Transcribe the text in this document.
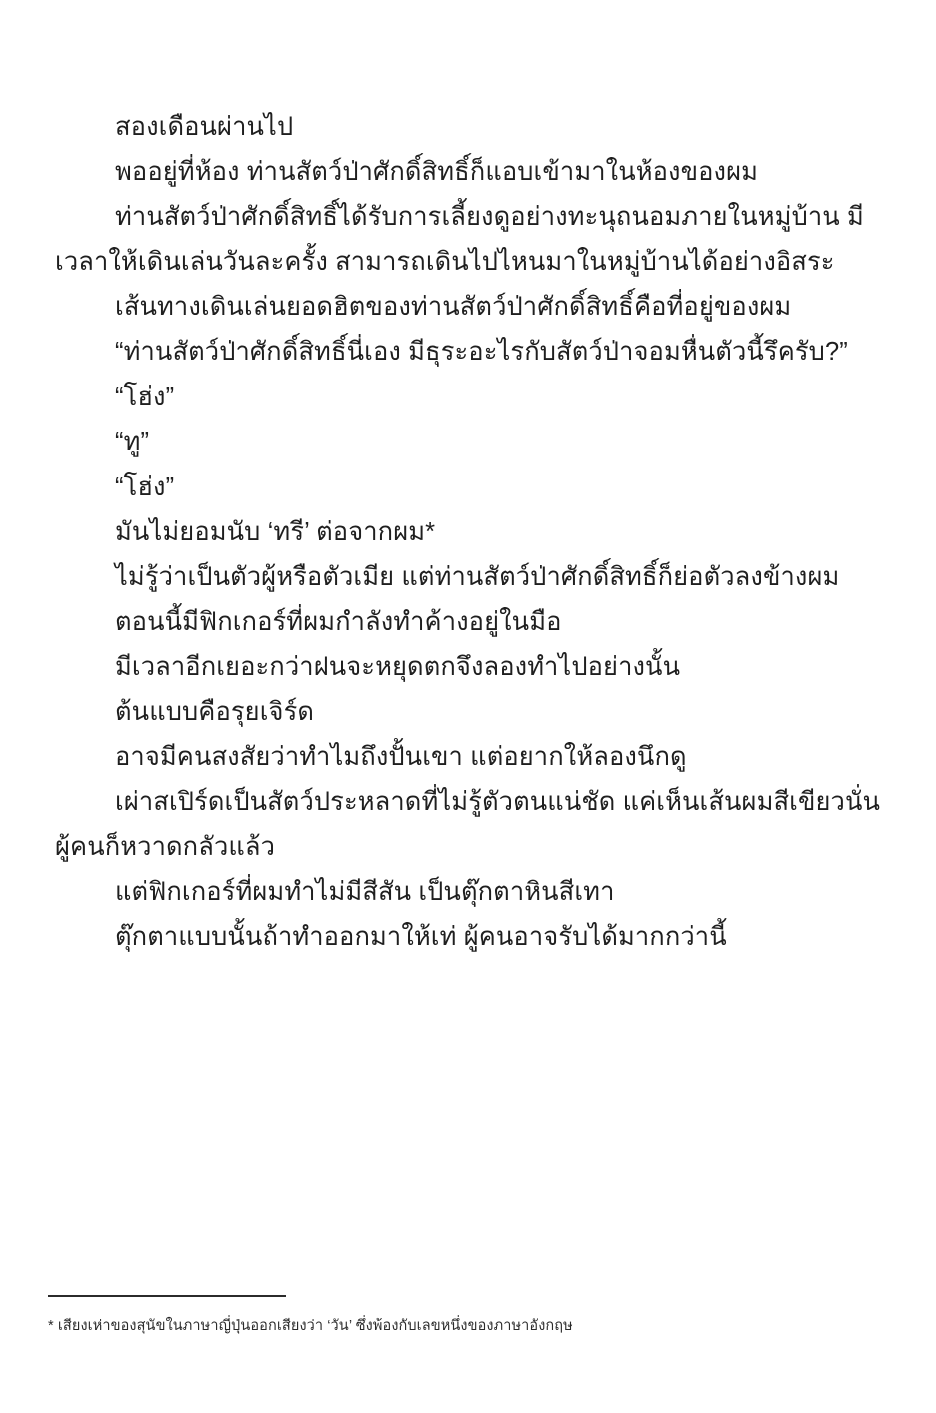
สองเดือนผ่านไป

พออยู่ที่ห้อง ท่านสัตว์ป่าศักดิ์สิทธิ์ก็แอบเข้ามาในห้องของผม

ท่านสัตว์ป่าศักดิ์สิทธิ์ได้รับการเลี้ยงดูอย่างทะนุถนอมภายในหมู่บ้าน มีเวลาให้เดินเล่นวันละครั้ง สามารถเดินไปไหนมาในหมู่บ้านได้อย่างอิสระ

เส้นทางเดินเล่นยอดฮิตของท่านสัตว์ป่าศักดิ์สิทธิ์คือที่อยู่ของผม

“ท่านสัตว์ป่าศักดิ์สิทธิ์นี่เอง มีธุระอะไรกับสัตว์ป่าจอมหื่นตัวนี้รึครับ?”

“โฮ่ง”

“ทู”

“โฮ่ง”

มันไม่ยอมนับ ‘ทรี’ ต่อจากผม*

ไม่รู้ว่าเป็นตัวผู้หรือตัวเมีย แต่ท่านสัตว์ป่าศักดิ์สิทธิ์ก็ย่อตัวลงข้างผม

ตอนนี้มีฟิกเกอร์ที่ผมกำลังทำค้างอยู่ในมือ

มีเวลาอีกเยอะกว่าฝนจะหยุดตกจึงลองทำไปอย่างนั้น

ต้นแบบคือรุยเจิร์ด

อาจมีคนสงสัยว่าทำไมถึงปั้นเขา แต่อยากให้ลองนึกดู

เผ่าสเปิร์ดเป็นสัตว์ประหลาดที่ไม่รู้ตัวตนแน่ชัด แค่เห็นเส้นผมสีเขียวนั่น ผู้คนก็หวาดกลัวแล้ว

แต่ฟิกเกอร์ที่ผมทำไม่มีสีสัน เป็นตุ๊กตาหินสีเทา

ตุ๊กตาแบบนั้นถ้าทำออกมาให้เท่ ผู้คนอาจรับได้มากกว่านี้

* เสียงเห่าของสุนัขในภาษาญี่ปุ่นออกเสียงว่า ‘วัน’ ซึ่งพ้องกับเลขหนึ่งของภาษาอังกฤษ
